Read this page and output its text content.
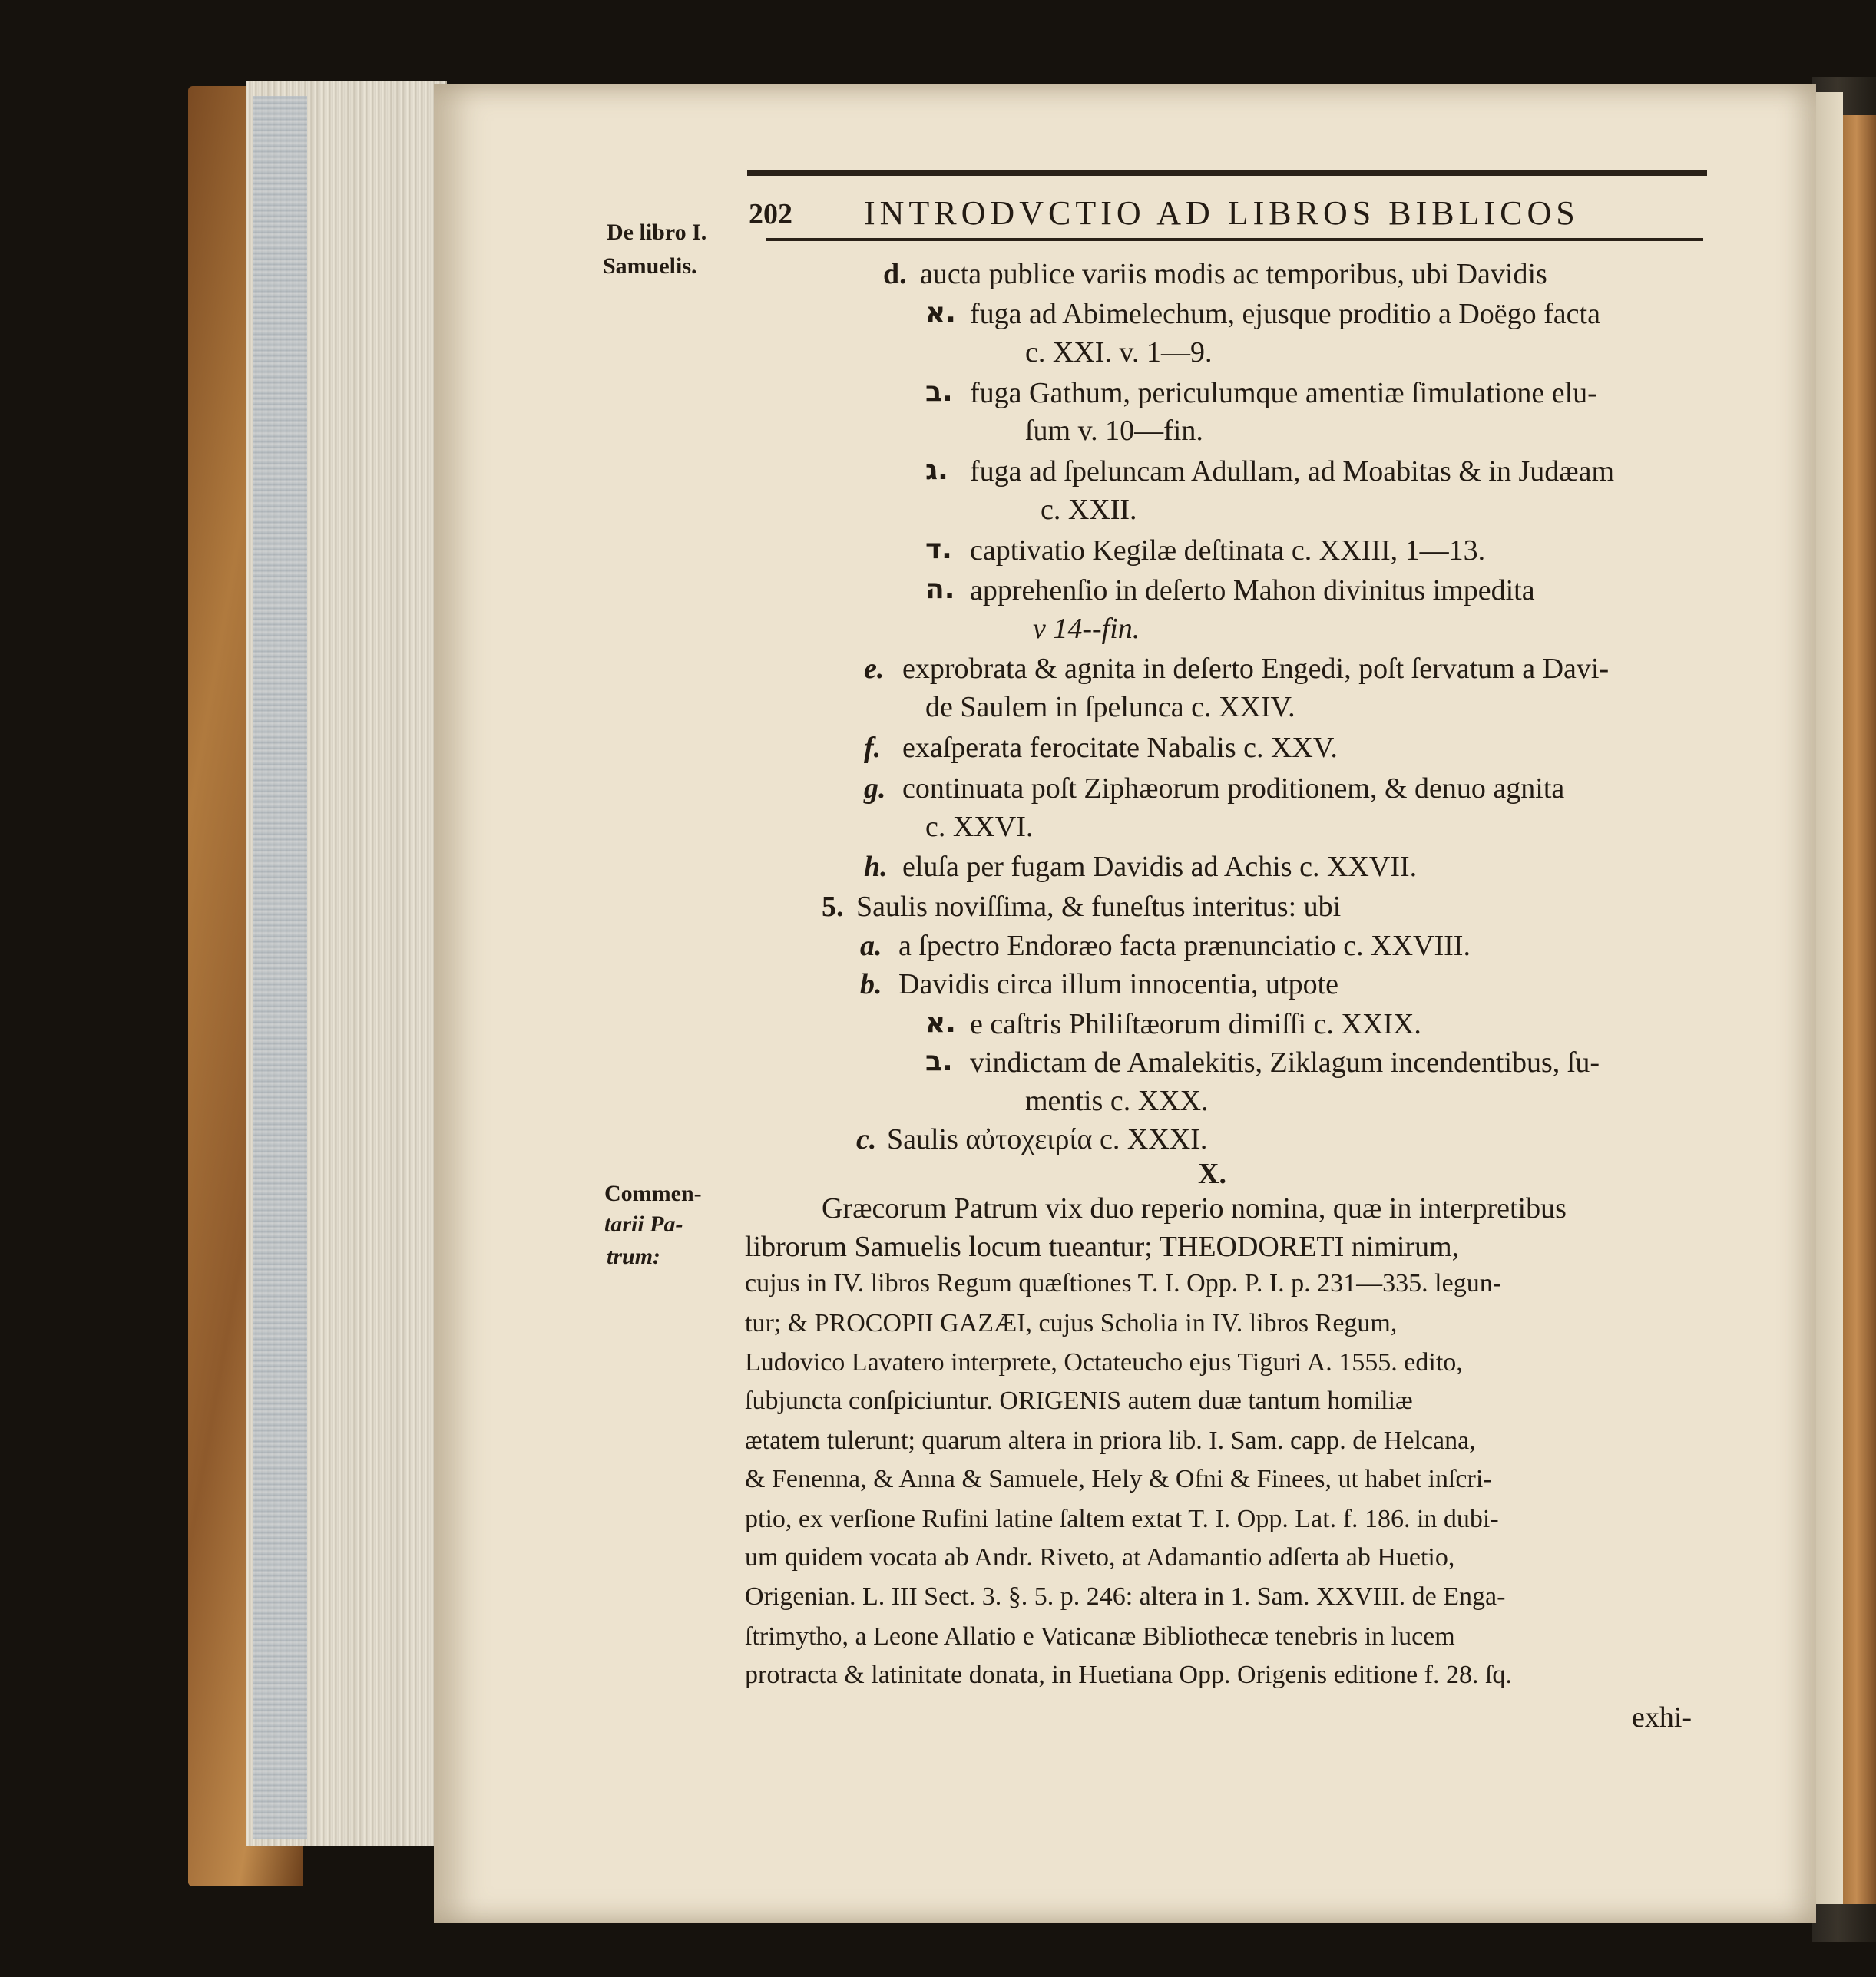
202 INTRODVCTIO AD LIBROS BIBLICOS
De libro I.
Samuelis.
Commen-
tarii Pa-
trum:
d. aucta publice variis modis ac temporibus, ubi Davidis
א. fuga ad Abimelechum, ejusque proditio a Doëgo facta
c. XXI. v. 1—9.
ב. fuga Gathum, periculumque amentiæ ſimulatione elu-
ſum v. 10—fin.
ג. fuga ad ſpeluncam Adullam, ad Moabitas & in Judæam
c. XXII.
ד. captivatio Kegilæ deſtinata c. XXIII, 1—13.
ה. apprehenſio in deſerto Mahon divinitus impedita
v 14--fin.
e. exprobrata & agnita in deſerto Engedi, poſt ſervatum a Davi-
de Saulem in ſpelunca c. XXIV.
f. exaſperata ferocitate Nabalis c. XXV.
g. continuata poſt Ziphæorum proditionem, & denuo agnita
c. XXVI.
h. eluſa per fugam Davidis ad Achis c. XXVII.
5. Saulis noviſſima, & funeſtus interitus: ubi
a. a ſpectro Endoræo facta prænunciatio c. XXVIII.
b. Davidis circa illum innocentia, utpote
א. e caſtris Philiſtæorum dimiſſi c. XXIX.
ב. vindictam de Amalekitis, Ziklagum incendentibus, ſu-
mentis c. XXX.
c. Saulis αὐτοχειρία c. XXXI.
X.
Græcorum Patrum vix duo reperio nomina, quæ in interpretibus
librorum Samuelis locum tueantur; THEODORETI nimirum,
cujus in IV. libros Regum quæſtiones T. I. Opp. P. I. p. 231—335. legun-
tur; & PROCOPII GAZÆI, cujus Scholia in IV. libros Regum,
Ludovico Lavatero interprete, Octateucho ejus Tiguri A. 1555. edito,
ſubjuncta conſpiciuntur. ORIGENIS autem duæ tantum homiliæ
ætatem tulerunt; quarum altera in priora lib. I. Sam. capp. de Helcana,
& Fenenna, & Anna & Samuele, Hely & Ofni & Finees, ut habet inſcri-
ptio, ex verſione Rufini latine ſaltem extat T. I. Opp. Lat. f. 186. in dubi-
um quidem vocata ab Andr. Riveto, at Adamantio adſerta ab Huetio,
Origenian. L. III Sect. 3. §. 5. p. 246: altera in 1. Sam. XXVIII. de Enga-
ſtrimytho, a Leone Allatio e Vaticanæ Bibliothecæ tenebris in lucem
protracta & latinitate donata, in Huetiana Opp. Origenis editione f. 28. ſq.
exhi-
